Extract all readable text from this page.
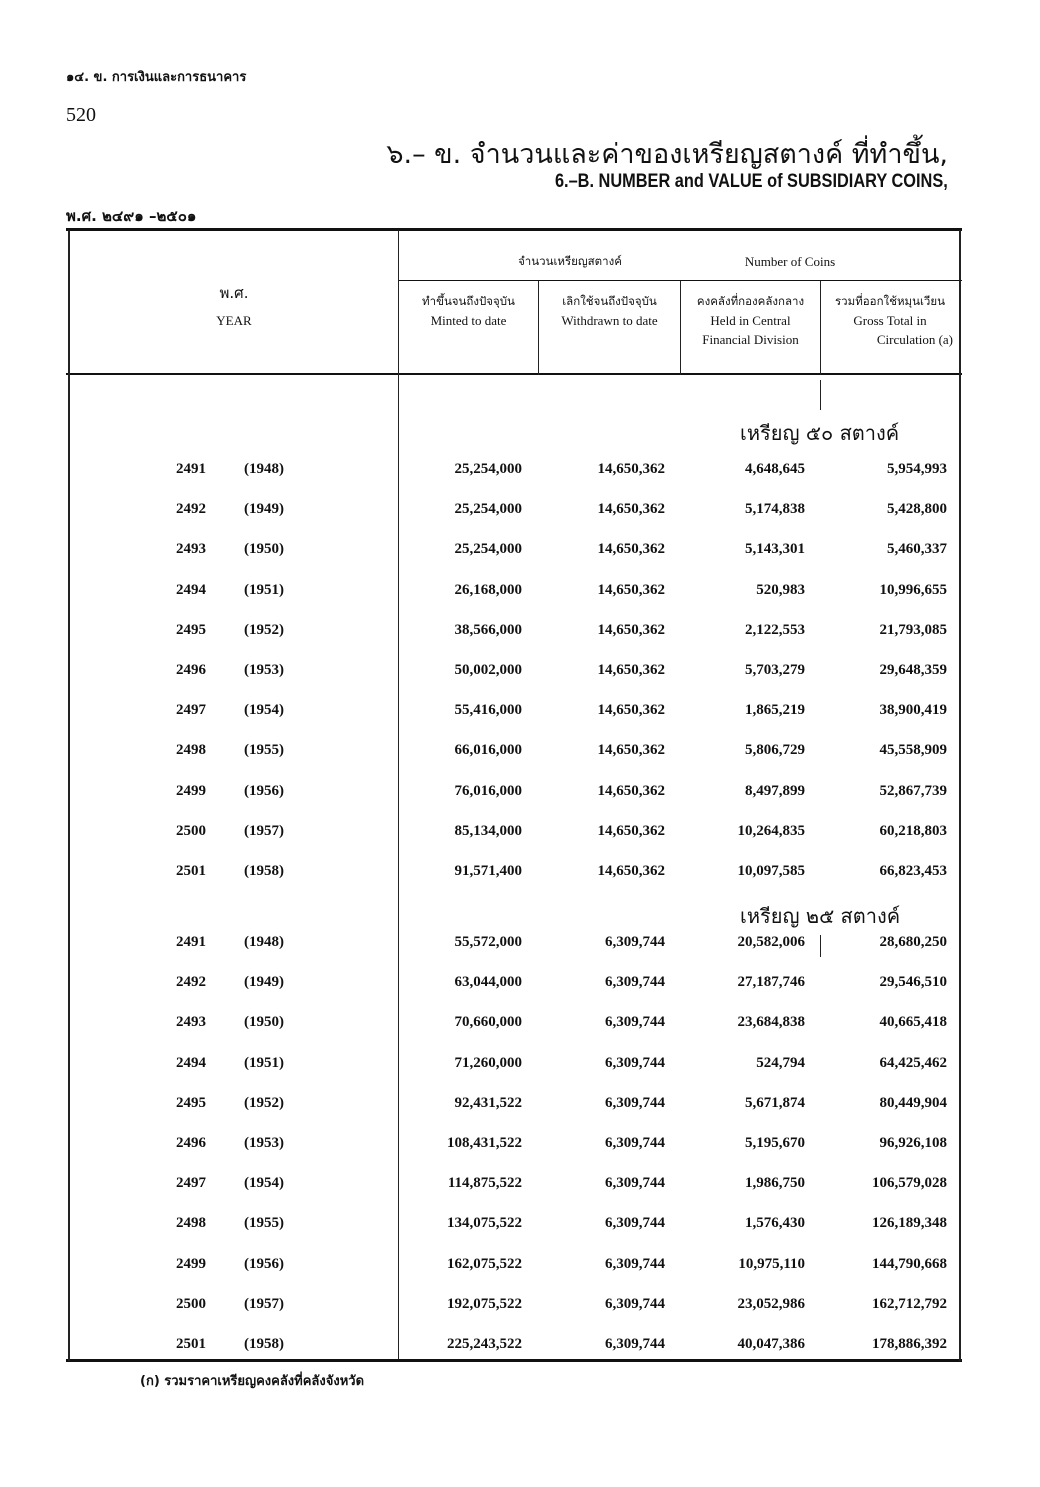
๑๔. ข. การเงินและการธนาคาร
520
๖.– ข. จำนวนและค่าของเหรียญสตางค์ ที่ทำขึ้น,
6.–B. NUMBER and VALUE of SUBSIDIARY COINS,
พ.ศ. ๒๔๙๑ –๒๕๐๑
พ.ศ.
YEAR
จำนวนเหรียญสตางค์	Number of Coins
ทำขึ้นจนถึงปัจจุบัน
Minted to date
เลิกใช้จนถึงปัจจุบัน
Withdrawn to date
คงคลังที่กองคลังกลาง
Held in Central
Financial Division
รวมที่ออกใช้หมุนเวียน
Gross Total in
Circulation (a)
เหรียญ ๕๐ สตางค์
เหรียญ ๒๕ สตางค์
2491	(1948)	25,254,000	14,650,362	4,648,645	5,954,993
2492	(1949)	25,254,000	14,650,362	5,174,838	5,428,800
2493	(1950)	25,254,000	14,650,362	5,143,301	5,460,337
2494	(1951)	26,168,000	14,650,362	520,983	10,996,655
2495	(1952)	38,566,000	14,650,362	2,122,553	21,793,085
2496	(1953)	50,002,000	14,650,362	5,703,279	29,648,359
2497	(1954)	55,416,000	14,650,362	1,865,219	38,900,419
2498	(1955)	66,016,000	14,650,362	5,806,729	45,558,909
2499	(1956)	76,016,000	14,650,362	8,497,899	52,867,739
2500	(1957)	85,134,000	14,650,362	10,264,835	60,218,803
2501	(1958)	91,571,400	14,650,362	10,097,585	66,823,453
2491	(1948)	55,572,000	6,309,744	20,582,006	28,680,250
2492	(1949)	63,044,000	6,309,744	27,187,746	29,546,510
2493	(1950)	70,660,000	6,309,744	23,684,838	40,665,418
2494	(1951)	71,260,000	6,309,744	524,794	64,425,462
2495	(1952)	92,431,522	6,309,744	5,671,874	80,449,904
2496	(1953)	108,431,522	6,309,744	5,195,670	96,926,108
2497	(1954)	114,875,522	6,309,744	1,986,750	106,579,028
2498	(1955)	134,075,522	6,309,744	1,576,430	126,189,348
2499	(1956)	162,075,522	6,309,744	10,975,110	144,790,668
2500	(1957)	192,075,522	6,309,744	23,052,986	162,712,792
2501	(1958)	225,243,522	6,309,744	40,047,386	178,886,392
(ก) รวมราคาเหรียญคงคลังที่คลังจังหวัด
